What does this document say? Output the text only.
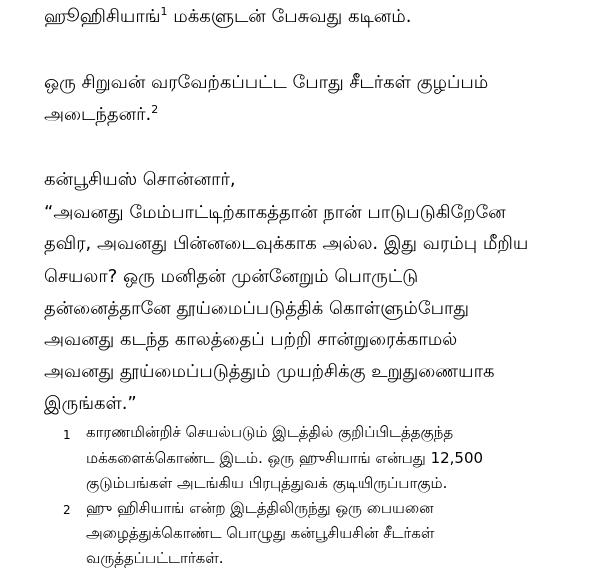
ஹூஹிசியாங்$^1$ மக்களுடன் பேசுவது கடினம்.
ஒரு சிறுவன் வரவேற்கப்பட்ட போது சீடர்கள் குழப்பம்
அடைந்தனர்.$^2$
கன்பூசியஸ் சொன்னார்,
“அவனது மேம்பாட்டிற்காகத்தான் நான் பாடுபடுகிறேனே
தவிர, அவனது பின்னடைவுக்காக அல்ல. இது வரம்பு மீறிய
செயலா? ஒரு மனிதன் முன்னேறும் பொருட்டு
தன்னைத்தானே தூய்மைப்படுத்திக் கொள்ளும்போது
அவனது கடந்த காலத்தைப் பற்றி சான்றுரைக்காமல்
அவனது தூய்மைப்படுத்தும் முயற்சிக்கு உறுதுணையாக
இருங்கள்.”
1 காரணமின்றிச் செயல்படும் இடத்தில் குறிப்பிடத்தகுந்த
மக்களைக்கொண்ட இடம். ஒரு ஹுசியாங் என்பது 12,500
குடும்பங்கள் அடங்கிய பிரபுத்துவக் குடியிருப்பாகும்.
2 ஹு ஹிசியாங் என்ற இடத்திலிருந்து ஒரு பையனை
அழைத்துக்கொண்ட பொழுது கன்பூசியசின் சீடர்கள்
வருத்தப்பட்டார்கள்.
